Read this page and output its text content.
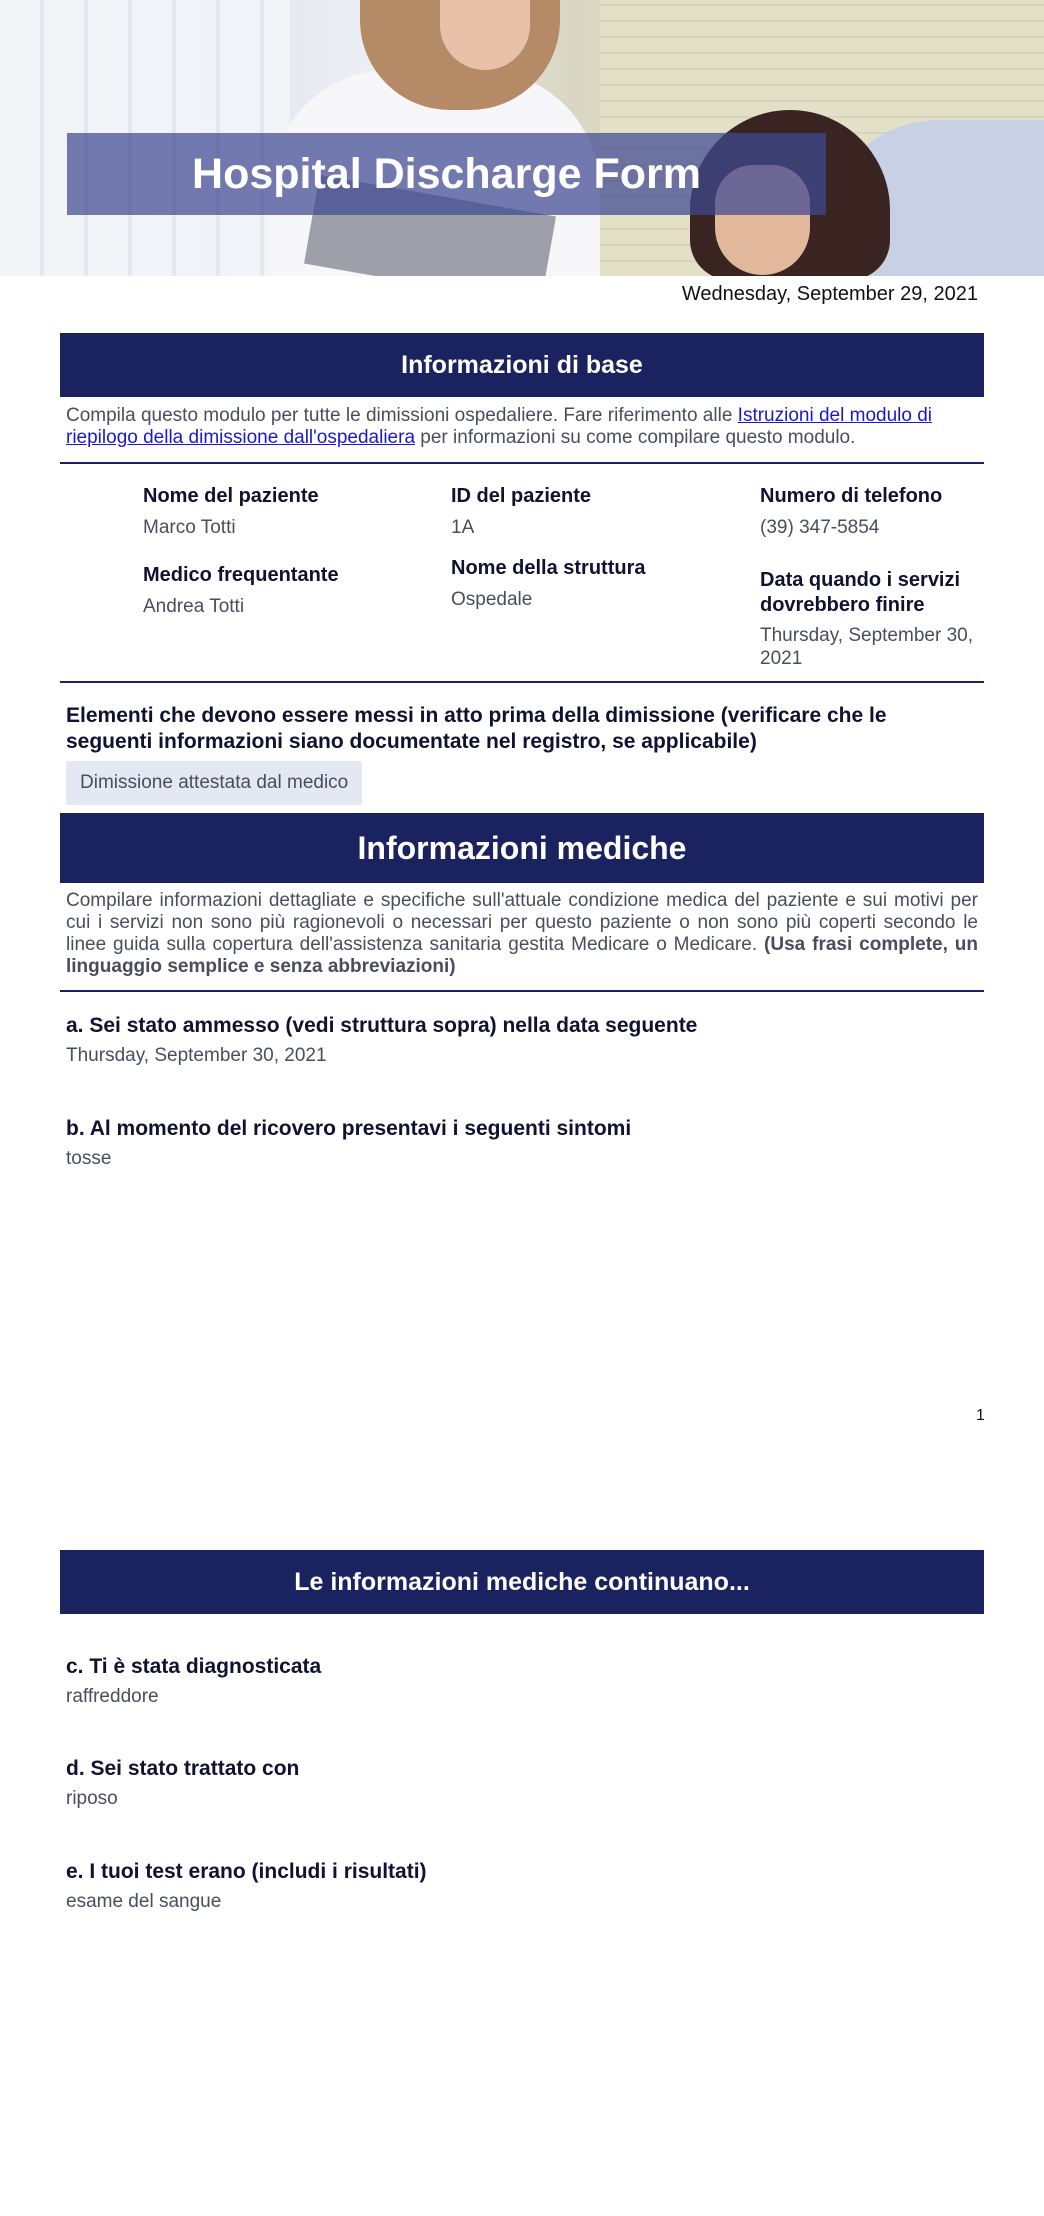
Hospital Discharge Form
Wednesday, September 29, 2021
Informazioni di base
Compila questo modulo per tutte le dimissioni ospedaliere. Fare riferimento alle Istruzioni del modulo di riepilogo della dimissione dall'ospedaliera per informazioni su come compilare questo modulo.
Nome del paziente
Marco Totti
ID del paziente
1A
Numero di telefono
(39) 347-5854
Medico frequentante
Andrea Totti
Nome della struttura
Ospedale
Data quando i servizi dovrebbero finire
Thursday, September 30, 2021
Elementi che devono essere messi in atto prima della dimissione (verificare che le seguenti informazioni siano documentate nel registro, se applicabile)
Dimissione attestata dal medico
Informazioni mediche
Compilare informazioni dettagliate e specifiche sull'attuale condizione medica del paziente e sui motivi per cui i servizi non sono più ragionevoli o necessari per questo paziente o non sono più coperti secondo le linee guida sulla copertura dell'assistenza sanitaria gestita Medicare o Medicare. (Usa frasi complete, un linguaggio semplice e senza abbreviazioni)
a. Sei stato ammesso (vedi struttura sopra) nella data seguente
Thursday, September 30, 2021
b. Al momento del ricovero presentavi i seguenti sintomi
tosse
1
Le informazioni mediche continuano...
c. Ti è stata diagnosticata
raffreddore
d. Sei stato trattato con
riposo
e. I tuoi test erano (includi i risultati)
esame del sangue
